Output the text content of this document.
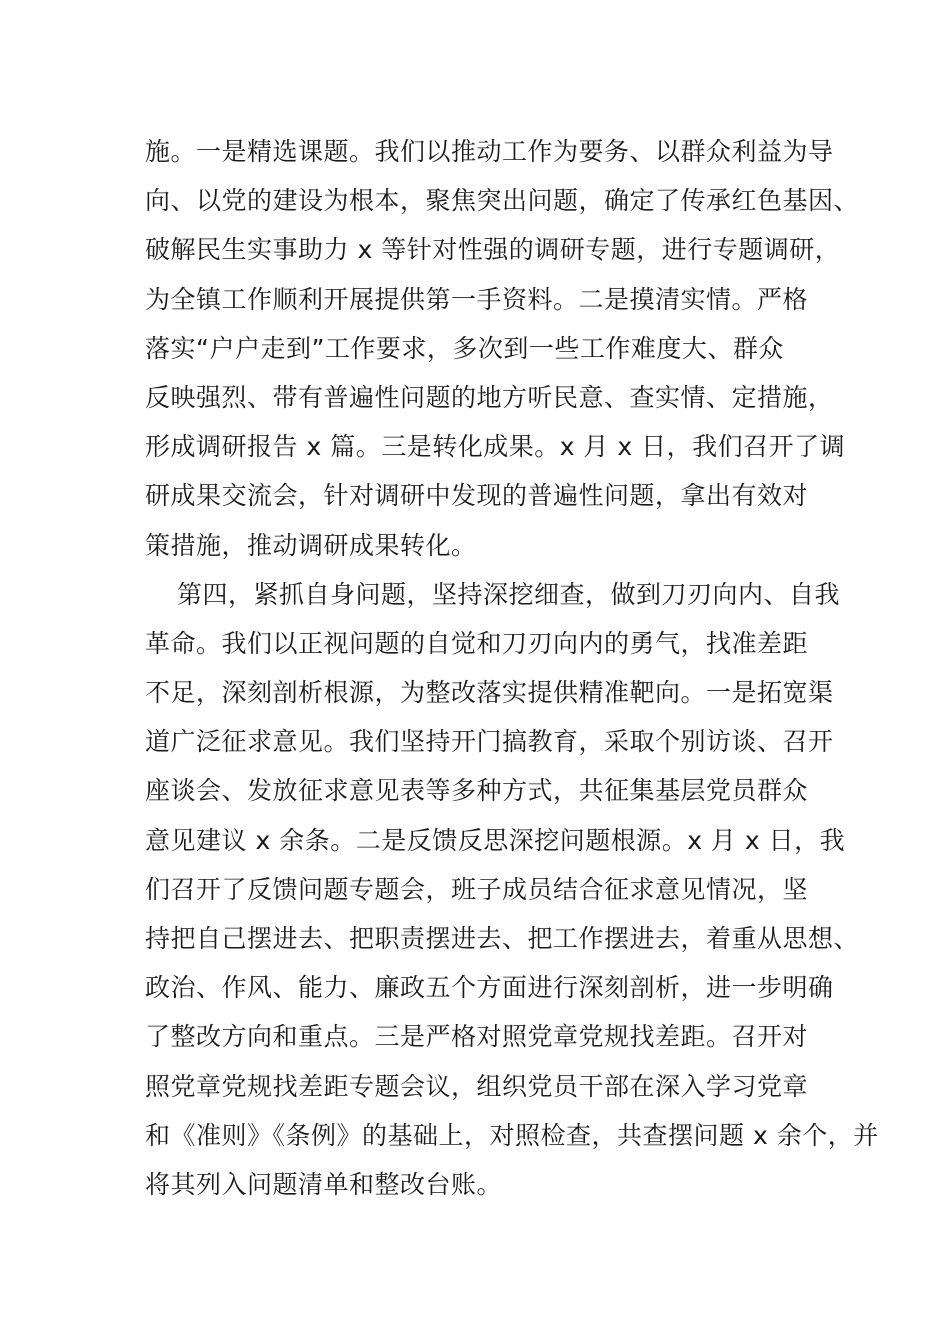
施。一是精选课题。我们以推动工作为要务、以群众利益为导
向、以党的建设为根本，聚焦突出问题，确定了传承红色基因、
破解民生实事助力 x 等针对性强的调研专题，进行专题调研，
为全镇工作顺利开展提供第一手资料。二是摸清实情。严格
落实“户户走到”工作要求，多次到一些工作难度大、群众
反映强烈、带有普遍性问题的地方听民意、查实情、定措施，
形成调研报告 x 篇。三是转化成果。x 月 x 日，我们召开了调
研成果交流会，针对调研中发现的普遍性问题，拿出有效对
策措施，推动调研成果转化。
第四，紧抓自身问题，坚持深挖细查，做到刀刃向内、自我
革命。我们以正视问题的自觉和刀刃向内的勇气，找准差距
不足，深刻剖析根源，为整改落实提供精准靶向。一是拓宽渠
道广泛征求意见。我们坚持开门搞教育，采取个别访谈、召开
座谈会、发放征求意见表等多种方式，共征集基层党员群众
意见建议 x 余条。二是反馈反思深挖问题根源。x 月 x 日，我
们召开了反馈问题专题会，班子成员结合征求意见情况，坚
持把自己摆进去、把职责摆进去、把工作摆进去，着重从思想、
政治、作风、能力、廉政五个方面进行深刻剖析，进一步明确
了整改方向和重点。三是严格对照党章党规找差距。召开对
照党章党规找差距专题会议，组织党员干部在深入学习党章
和《准则》《条例》的基础上，对照检查，共查摆问题 x 余个，并
将其列入问题清单和整改台账。
